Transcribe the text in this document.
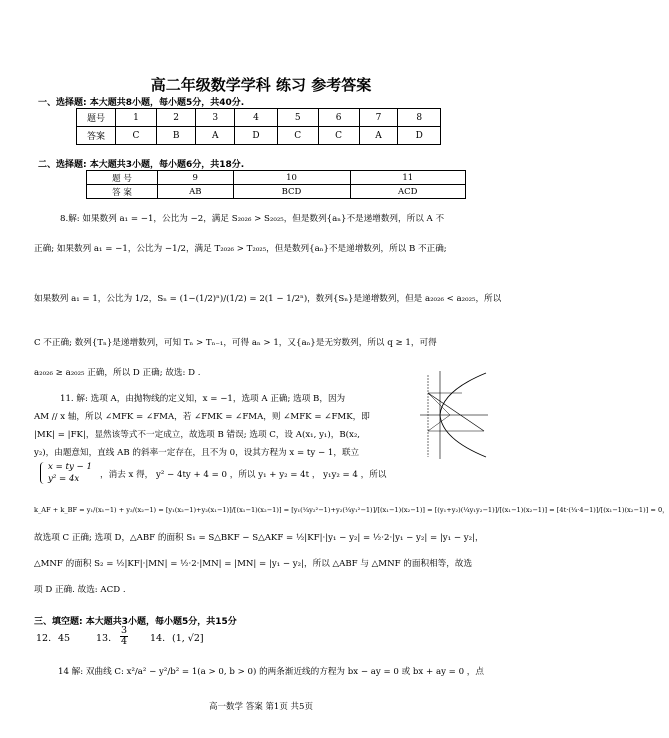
高二年级数学学科 练习 参考答案
一、选择题: 本大题共8小题，每小题5分，共40分.
题号	1	2	3	4	5	6	7	8
答案	C	B	A	D	C	C	A	D
二、选择题: 本大题共3小题，每小题6分，共18分.
题 号	9	10	11
答 案	AB	BCD	ACD
8.解: 如果数列 a₁ = −1，公比为 −2，满足 S₂₀₂₆ > S₂₀₂₅，但是数列{aₙ}不是递增数列，所以 A 不
正确; 如果数列 a₁ = −1，公比为 −1/2，满足 T₂₀₂₆ > T₂₀₂₅，但是数列{aₙ}不是递增数列，所以 B 不正确;
如果数列 a₁ = 1，公比为 1/2，Sₙ = (1−(1/2)ⁿ)/(1/2) = 2(1 − 1/2ⁿ)，数列{Sₙ}是递增数列，但是 a₂₀₂₆ < a₂₀₂₅，所以
C 不正确; 数列{Tₙ}是递增数列，可知 Tₙ > Tₙ₋₁，可得 aₙ > 1，又{aₙ}是无穷数列，所以 q ≥ 1，可得
a₂₀₂₆ ≥ a₂₀₂₅ 正确，所以 D 正确; 故选: D .
11. 解: 选项 A，由抛物线的定义知，x = −1，选项 A 正确; 选项 B，因为
AM // x 轴，所以 ∠MFK = ∠FMA，若 ∠FMK = ∠FMA，则 ∠MFK = ∠FMK，即
|MK| = |FK|，显然该等式不一定成立，故选项 B 错误; 选项 C，设 A(x₁, y₁)，B(x₂,
y₂)，由题意知，直线 AB 的斜率一定存在，且不为 0，设其方程为 x = ty − 1，联立
x = ty − 1
y² = 4x ，消去 x 得， y² − 4ty + 4 = 0 ，所以 y₁ + y₂ = 4t ， y₁y₂ = 4 ，所以
k_AF + k_BF = y₁/(x₁−1) + y₂/(x₂−1) = [y₁(x₂−1)+y₂(x₁−1)]/[(x₁−1)(x₂−1)] = [y₁(¼y₂²−1)+y₂(¼y₁²−1)]/[(x₁−1)(x₂−1)] = [(y₁+y₂)(¼y₁y₂−1)]/[(x₁−1)(x₂−1)] = [4t·(¼·4−1)]/[(x₁−1)(x₂−1)] = 0，
故选项 C 正确; 选项 D，△ABF 的面积 S₁ = S△BKF − S△AKF = ½|KF|·|y₁ − y₂| = ½·2·|y₁ − y₂| = |y₁ − y₂|，
△MNF 的面积 S₂ = ½|KF|·|MN| = ½·2·|MN| = |MN| = |y₁ − y₂|，所以 △ABF 与 △MNF 的面积相等，故选
项 D 正确. 故选: ACD .
三、填空题: 本大题共3小题，每小题5分，共15分
12. 45	13. $\frac{3}{4} 14$. (1, √2]
14 解: 双曲线 C: x²/a² − y²/b² = 1(a > 0, b > 0) 的两条渐近线的方程为 bx − ay = 0 或 bx + ay = 0 ，点
高一数学 答案 第1页 共5页
